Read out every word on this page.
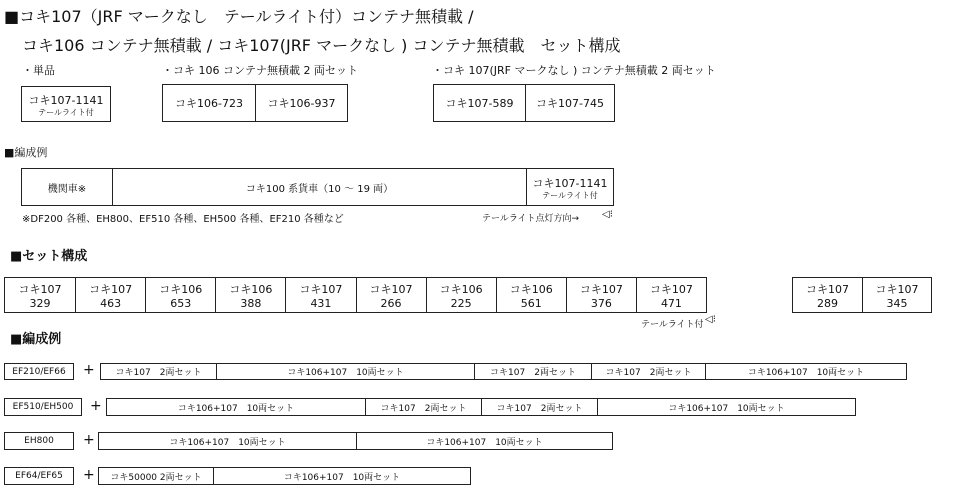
■コキ107（JRF マークなし　テールライト付）コンテナ無積載 /
コキ106 コンテナ無積載 / コキ107(JRF マークなし ) コンテナ無積載　セット構成
・単品
コキ107-1141
テールライト付
・コキ 106 コンテナ無積載 2 両セット
コキ106-723 コキ106-937
・コキ 107(JRF マークなし ) コンテナ無積載 2 両セット
コキ107-589 コキ107-745
■編成例
機関車※	コキ100 系貨車（10 ～ 19 両）	コキ107-1141
テールライト付
※DF200 各種、EH800、EF510 各種、EH500 各種、EF210 各種など	テールライト点灯方向→ ◁⁝
■セット構成
コキ107
329
コキ107
463
コキ106
653
コキ106
388
コキ107
431
コキ107
266
コキ106
225
コキ106
561
コキ107
376
コキ107
471
テールライト付 ◁⁝
コキ107
289
コキ107
345
■編成例
EF210/EF66	+ コキ107　2両セット	コキ106+107　10両セット	コキ107　2両セット	コキ107　2両セット	コキ106+107　10両セット
EF510/EH500	+	コキ106+107　10両セット	コキ107　2両セット	コキ107　2両セット	コキ106+107　10両セット
EH800	+	コキ106+107　10両セット	コキ106+107　10両セット
EF64/EF65	+ コキ50000 2両セット	コキ106+107　10両セット
